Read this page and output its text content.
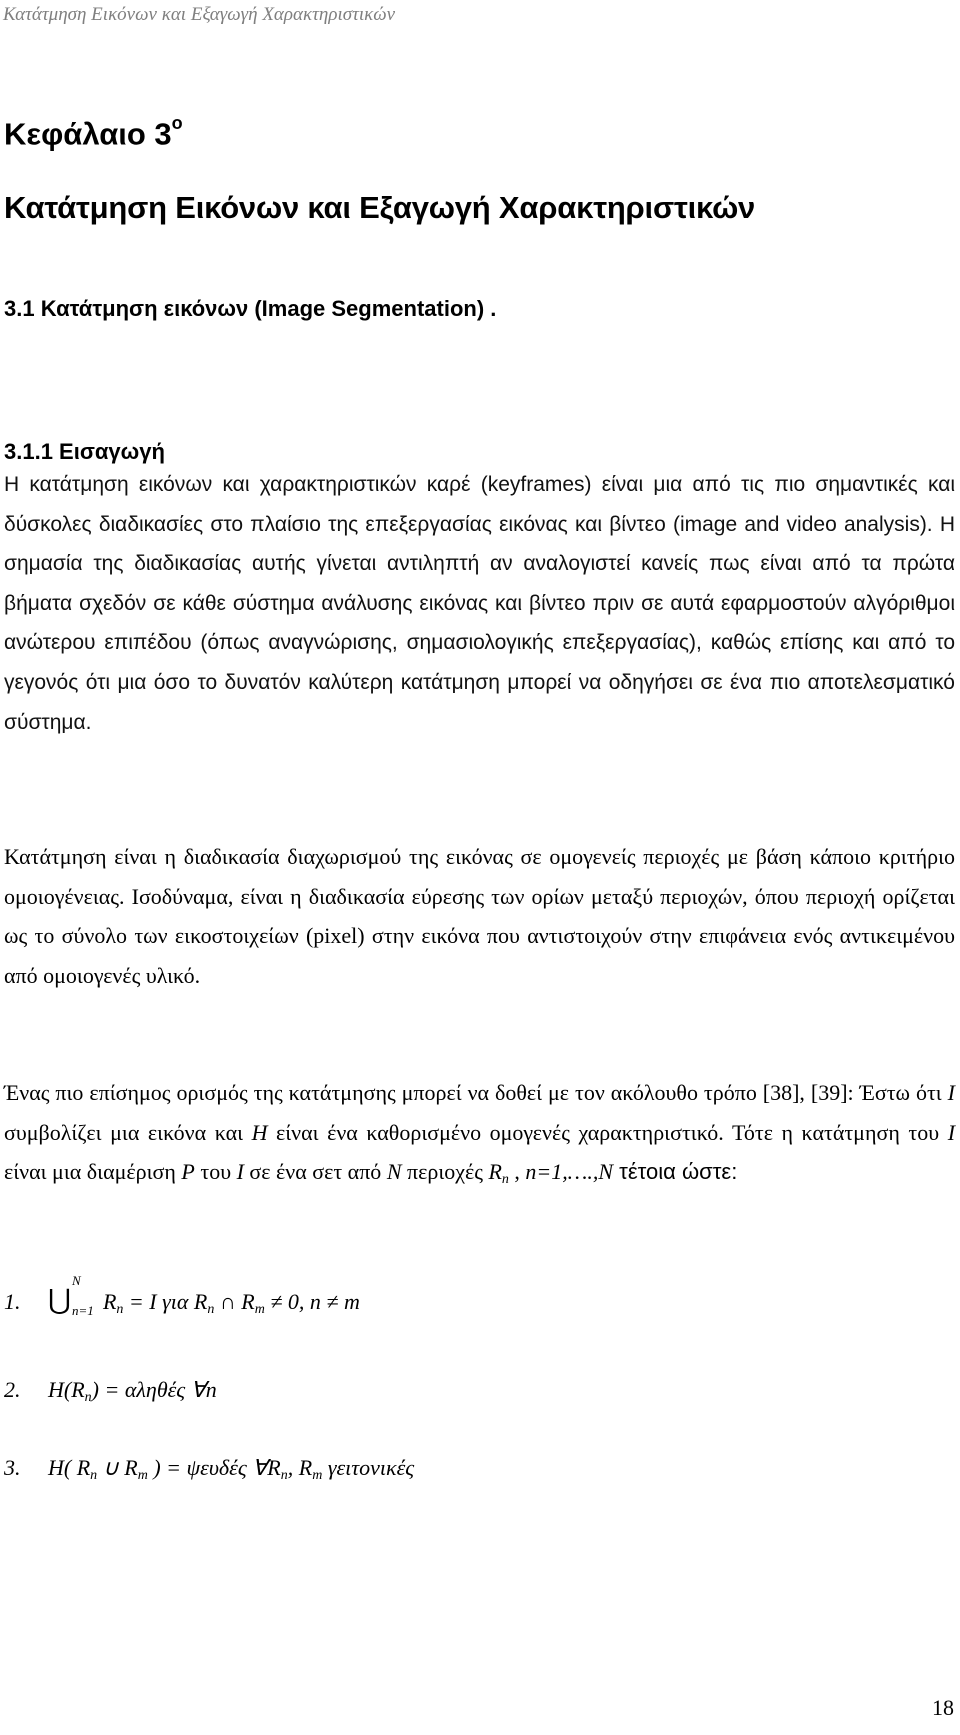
Κατάτμηση Εικόνων και Εξαγωγή Χαρακτηριστικών
Κεφάλαιο $3^o$
Κατάτμηση Εικόνων και Εξαγωγή Χαρακτηριστικών
3.1 Κατάτμηση εικόνων (Image Segmentation) .
3.1.1 Εισαγωγή
Η κατάτμηση εικόνων και χαρακτηριστικών καρέ (keyframes) είναι μια από τις πιο σημαντικές και δύσκολες διαδικασίες στο πλαίσιο της επεξεργασίας εικόνας και βίντεο (image and video analysis). Η σημασία της διαδικασίας αυτής γίνεται αντιληπτή αν αναλογιστεί κανείς πως είναι από τα πρώτα βήματα σχεδόν σε κάθε σύστημα ανάλυσης εικόνας και βίντεο πριν σε αυτά εφαρμοστούν αλγόριθμοι ανώτερου επιπέδου (όπως αναγνώρισης, σημασιολογικής επεξεργασίας), καθώς επίσης και από το γεγονός ότι μια όσο το δυνατόν καλύτερη κατάτμηση μπορεί να οδηγήσει σε ένα πιο αποτελεσματικό σύστημα.
Κατάτμηση είναι η διαδικασία διαχωρισμού της εικόνας σε ομογενείς περιοχές με βάση κάποιο κριτήριο ομοιογένειας. Ισοδύναμα, είναι η διαδικασία εύρεσης των ορίων μεταξύ περιοχών, όπου περιοχή ορίζεται ως το σύνολο των εικοστοιχείων (pixel) στην εικόνα που αντιστοιχούν στην επιφάνεια ενός αντικειμένου από ομοιογενές υλικό.

Ένας πιο επίσημος ορισμός της κατάτμησης μπορεί να δοθεί με τον ακόλουθο τρόπο [38], [39]: Έστω ότι I συμβολίζει μια εικόνα και H είναι ένα καθορισμένο ομογενές χαρακτηριστικό. Τότε η κατάτμηση του I είναι μια διαμέριση P του I σε ένα σετ από N περιοχές $R_n$ , n=1,….,N τέτοια ώστε:

1. ⋃
N
n=1 $R_n = I$ για $R_n$ ∩ $R_m \ne 0$, n ≠ m
2. $H(R_n) = \alpha\lambda\eta\theta έ\varsigma$ ∀n
3. H( $R_n$ ∪ $R_m$ ) = ψευδές $\forall R_n$, $R_m$ γειτονικές
18
